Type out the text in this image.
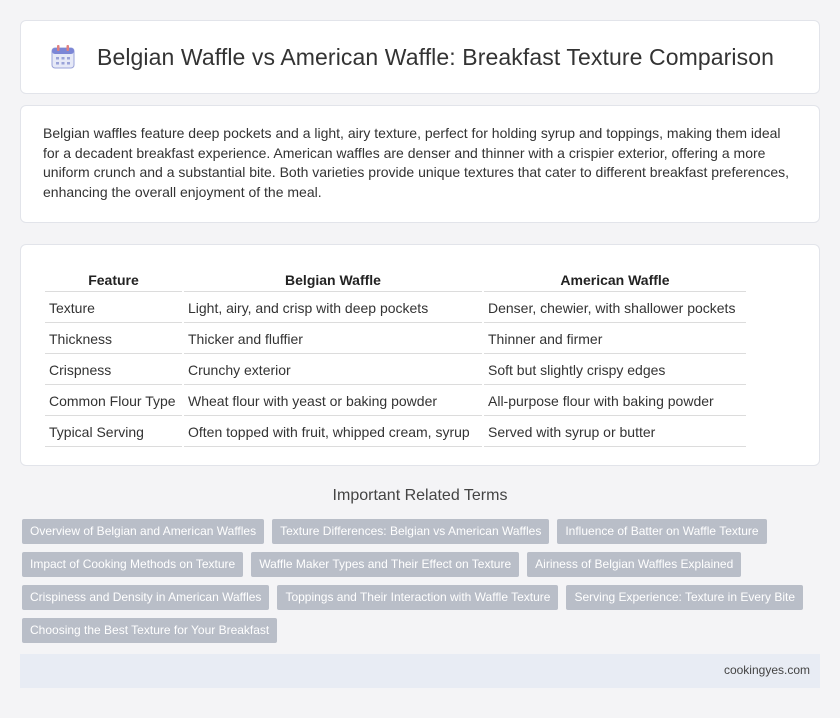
Belgian Waffle vs American Waffle: Breakfast Texture Comparison

Belgian waffles feature deep pockets and a light, airy texture, perfect for holding syrup and toppings, making them ideal for a decadent breakfast experience. American waffles are denser and thinner with a crispier exterior, offering a more uniform crunch and a substantial bite. Both varieties provide unique textures that cater to different breakfast preferences, enhancing the overall enjoyment of the meal.

Feature	Belgian Waffle	American Waffle
Texture	Light, airy, and crisp with deep pockets	Denser, chewier, with shallower pockets
Thickness	Thicker and fluffier	Thinner and firmer
Crispness	Crunchy exterior	Soft but slightly crispy edges
Common Flour Type	Wheat flour with yeast or baking powder	All-purpose flour with baking powder
Typical Serving	Often topped with fruit, whipped cream, syrup	Served with syrup or butter
Important Related Terms
Overview of Belgian and American Waffles	Texture Differences: Belgian vs American Waffles	Influence of Batter on Waffle Texture
Impact of Cooking Methods on Texture	Waffle Maker Types and Their Effect on Texture	Airiness of Belgian Waffles Explained
Crispiness and Density in American Waffles	Toppings and Their Interaction with Waffle Texture	Serving Experience: Texture in Every Bite
Choosing the Best Texture for Your Breakfast
cookingyes.com
